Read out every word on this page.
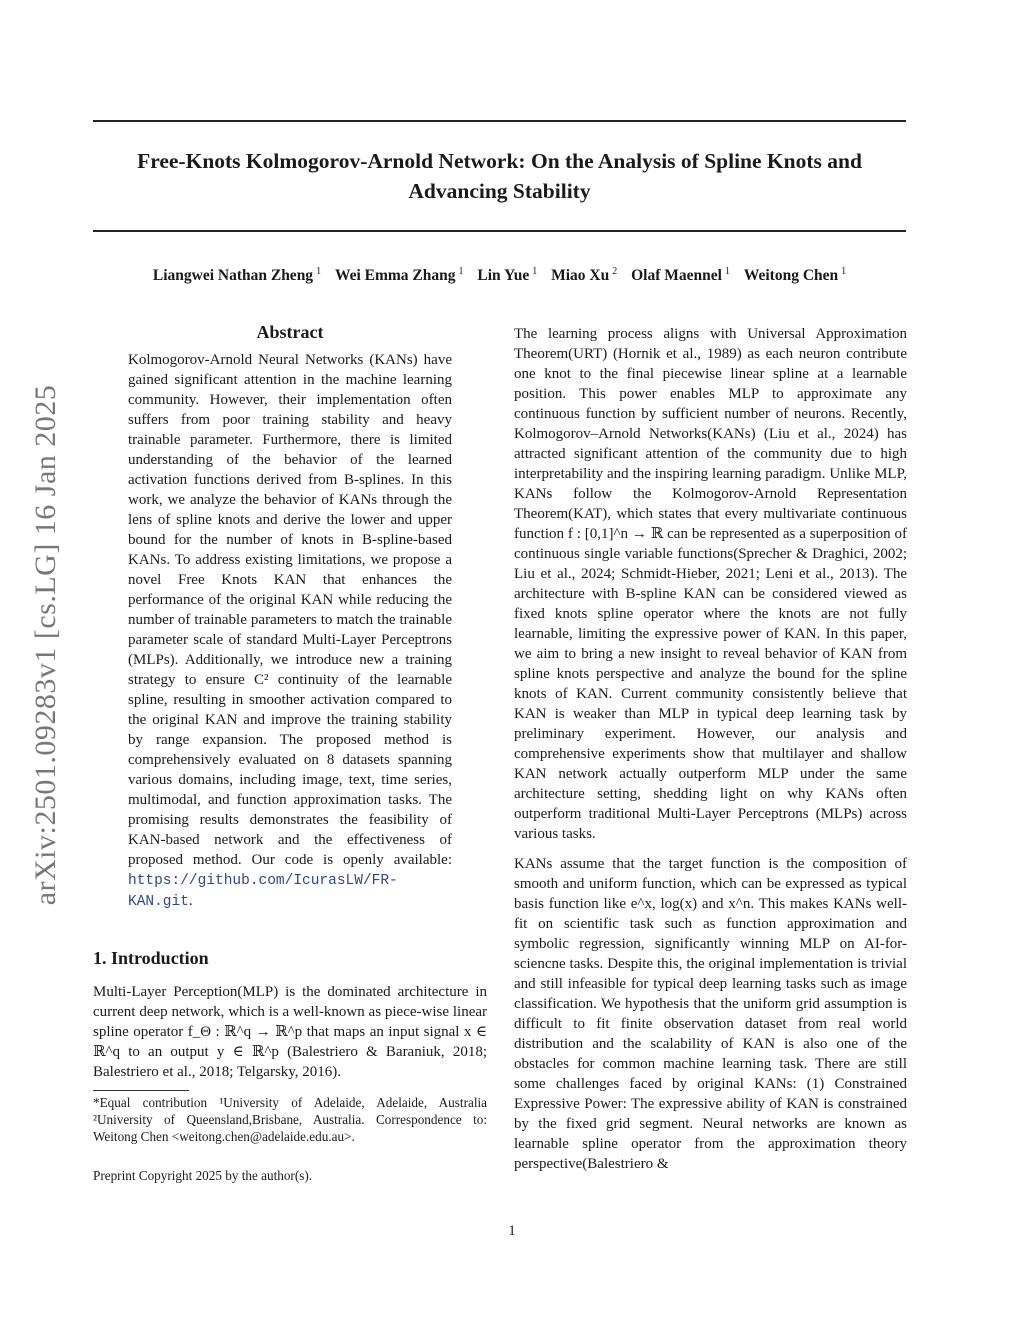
Free-Knots Kolmogorov-Arnold Network: On the Analysis of Spline Knots and
Advancing Stability
Liangwei Nathan Zheng $^1$ Wei Emma Zhang $^1$ Lin Yue $^1$ Miao Xu $^2$ Olaf Maennel $^1$ Weitong Chen $^1$
arXiv:2501.09283v1 [cs.LG] 16 Jan 2025
Abstract
Kolmogorov-Arnold Neural Networks (KANs) have gained significant attention in the machine learning community. However, their implementation often suffers from poor training stability and heavy trainable parameter. Furthermore, there is limited understanding of the behavior of the learned activation functions derived from B-splines. In this work, we analyze the behavior of KANs through the lens of spline knots and derive the lower and upper bound for the number of knots in B-spline-based KANs. To address existing limitations, we propose a novel Free Knots KAN that enhances the performance of the original KAN while reducing the number of trainable parameters to match the trainable parameter scale of standard Multi-Layer Perceptrons (MLPs). Additionally, we introduce new a training strategy to ensure C² continuity of the learnable spline, resulting in smoother activation compared to the original KAN and improve the training stability by range expansion. The proposed method is comprehensively evaluated on 8 datasets spanning various domains, including image, text, time series, multimodal, and function approximation tasks. The promising results demonstrates the feasibility of KAN-based network and the effectiveness of proposed method. Our code is openly available: https://github.com/IcurasLW/FR-KAN.git.
1. Introduction

Multi-Layer Perception(MLP) is the dominated architecture in current deep network, which is a well-known as piece-wise linear spline operator f_Θ : ℝ^q → ℝ^p that maps an input signal x ∈ ℝ^q to an output y ∈ ℝ^p (Balestriero & Baraniuk, 2018; Balestriero et al., 2018; Telgarsky, 2016).

*Equal contribution ¹University of Adelaide, Adelaide, Australia ²University of Queensland,Brisbane, Australia. Correspondence to: Weitong Chen <weitong.chen@adelaide.edu.au>.
Preprint Copyright 2025 by the author(s).

The learning process aligns with Universal Approximation Theorem(URT) (Hornik et al., 1989) as each neuron contribute one knot to the final piecewise linear spline at a learnable position. This power enables MLP to approximate any continuous function by sufficient number of neurons. Recently, Kolmogorov–Arnold Networks(KANs) (Liu et al., 2024) has attracted significant attention of the community due to high interpretability and the inspiring learning paradigm. Unlike MLP, KANs follow the Kolmogorov-Arnold Representation Theorem(KAT), which states that every multivariate continuous function f : [0,1]^n → ℝ can be represented as a superposition of continuous single variable functions(Sprecher & Draghici, 2002; Liu et al., 2024; Schmidt-Hieber, 2021; Leni et al., 2013). The architecture with B-spline KAN can be considered viewed as fixed knots spline operator where the knots are not fully learnable, limiting the expressive power of KAN. In this paper, we aim to bring a new insight to reveal behavior of KAN from spline knots perspective and analyze the bound for the spline knots of KAN. Current community consistently believe that KAN is weaker than MLP in typical deep learning task by preliminary experiment. However, our analysis and comprehensive experiments show that multilayer and shallow KAN network actually outperform MLP under the same architecture setting, shedding light on why KANs often outperform traditional Multi-Layer Perceptrons (MLPs) across various tasks.

KANs assume that the target function is the composition of smooth and uniform function, which can be expressed as typical basis function like e^x, log(x) and x^n. This makes KANs well-fit on scientific task such as function approximation and symbolic regression, significantly winning MLP on AI-for-sciencne tasks. Despite this, the original implementation is trivial and still infeasible for typical deep learning tasks such as image classification. We hypothesis that the uniform grid assumption is difficult to fit finite observation dataset from real world distribution and the scalability of KAN is also one of the obstacles for common machine learning task. There are still some challenges faced by original KANs: (1) Constrained Expressive Power: The expressive ability of KAN is constrained by the fixed grid segment. Neural networks are known as learnable spline operator from the approximation theory perspective(Balestriero &

1
